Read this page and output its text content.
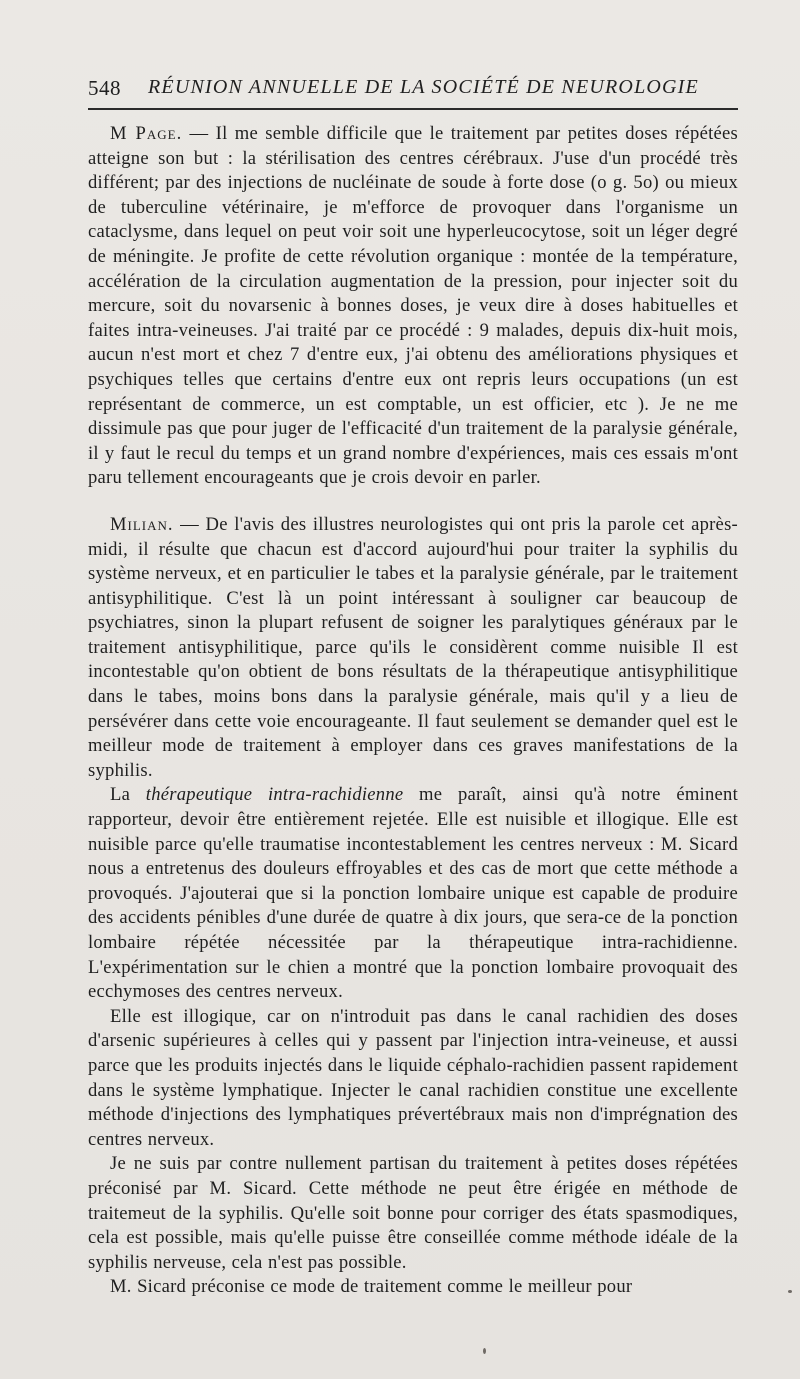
548 RÉUNION ANNUELLE DE LA SOCIÉTÉ DE NEUROLOGIE

M Page. — Il me semble difficile que le traitement par petites doses répétées atteigne son but : la stérilisation des centres cérébraux. J'use d'un procédé très différent; par des injections de nucléinate de soude à forte dose (o g. 5o) ou mieux de tuberculine vétérinaire, je m'efforce de provoquer dans l'organisme un cataclysme, dans lequel on peut voir soit une hyperleucocytose, soit un léger degré de méningite. Je profite de cette révolution organique : montée de la température, accélération de la circulation augmentation de la pression, pour injecter soit du mercure, soit du novarsenic à bonnes doses, je veux dire à doses habituelles et faites intra-veineuses. J'ai traité par ce procédé : 9 malades, depuis dix-huit mois, aucun n'est mort et chez 7 d'entre eux, j'ai obtenu des améliorations physiques et psychiques telles que certains d'entre eux ont repris leurs occupations (un est représentant de commerce, un est comptable, un est officier, etc ). Je ne me dissimule pas que pour juger de l'efficacité d'un traitement de la paralysie générale, il y faut le recul du temps et un grand nombre d'expériences, mais ces essais m'ont paru tellement encourageants que je crois devoir en parler.

Milian. — De l'avis des illustres neurologistes qui ont pris la parole cet après-midi, il résulte que chacun est d'accord aujourd'hui pour traiter la syphilis du système nerveux, et en particulier le tabes et la paralysie générale, par le traitement antisyphilitique. C'est là un point intéressant à souligner car beaucoup de psychiatres, sinon la plupart refusent de soigner les paralytiques généraux par le traitement antisyphilitique, parce qu'ils le considèrent comme nuisible Il est incontestable qu'on obtient de bons résultats de la thérapeutique antisyphilitique dans le tabes, moins bons dans la paralysie générale, mais qu'il y a lieu de persévérer dans cette voie encourageante. Il faut seulement se demander quel est le meilleur mode de traitement à employer dans ces graves manifestations de la syphilis.

La thérapeutique intra-rachidienne me paraît, ainsi qu'à notre éminent rapporteur, devoir être entièrement rejetée. Elle est nuisible et illogique. Elle est nuisible parce qu'elle traumatise incontestablement les centres nerveux : M. Sicard nous a entretenus des douleurs effroyables et des cas de mort que cette méthode a provoqués. J'ajouterai que si la ponction lombaire unique est capable de produire des accidents pénibles d'une durée de quatre à dix jours, que sera-ce de la ponction lombaire répétée nécessitée par la thérapeutique intra-rachidienne. L'expérimentation sur le chien a montré que la ponction lombaire provoquait des ecchymoses des centres nerveux.

Elle est illogique, car on n'introduit pas dans le canal rachidien des doses d'arsenic supérieures à celles qui y passent par l'injection intra-veineuse, et aussi parce que les produits injectés dans le liquide céphalo-rachidien passent rapidement dans le système lymphatique. Injecter le canal rachidien constitue une excellente méthode d'injections des lymphatiques prévertébraux mais non d'imprégnation des centres nerveux.

Je ne suis par contre nullement partisan du traitement à petites doses répétées préconisé par M. Sicard. Cette méthode ne peut être érigée en méthode de traitemeut de la syphilis. Qu'elle soit bonne pour corriger des états spasmodiques, cela est possible, mais qu'elle puisse être conseillée comme méthode idéale de la syphilis nerveuse, cela n'est pas possible.

M. Sicard préconise ce mode de traitement comme le meilleur pour
